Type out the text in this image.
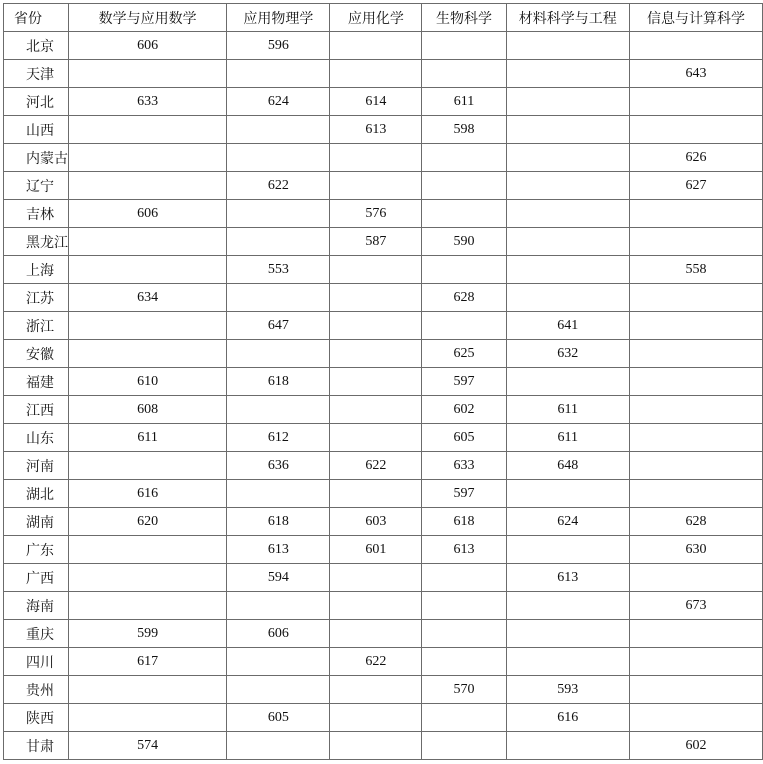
省份	数学与应用数学	应用物理学	应用化学	生物科学	材料科学与工程	信息与计算科学
北京	606	596				
天津						643
河北	633	624	614	611		
山西			613	598		
内蒙古						626
辽宁		622				627
吉林	606		576			
黑龙江			587	590		
上海		553				558
江苏	634			628		
浙江		647			641	
安徽				625	632	
福建	610	618		597		
江西	608			602	611	
山东	611	612		605	611	
河南		636	622	633	648	
湖北	616			597		
湖南	620	618	603	618	624	628
广东		613	601	613		630
广西		594			613	
海南						673
重庆	599	606				
四川	617		622			
贵州				570	593	
陕西		605			616	
甘肃	574					602
